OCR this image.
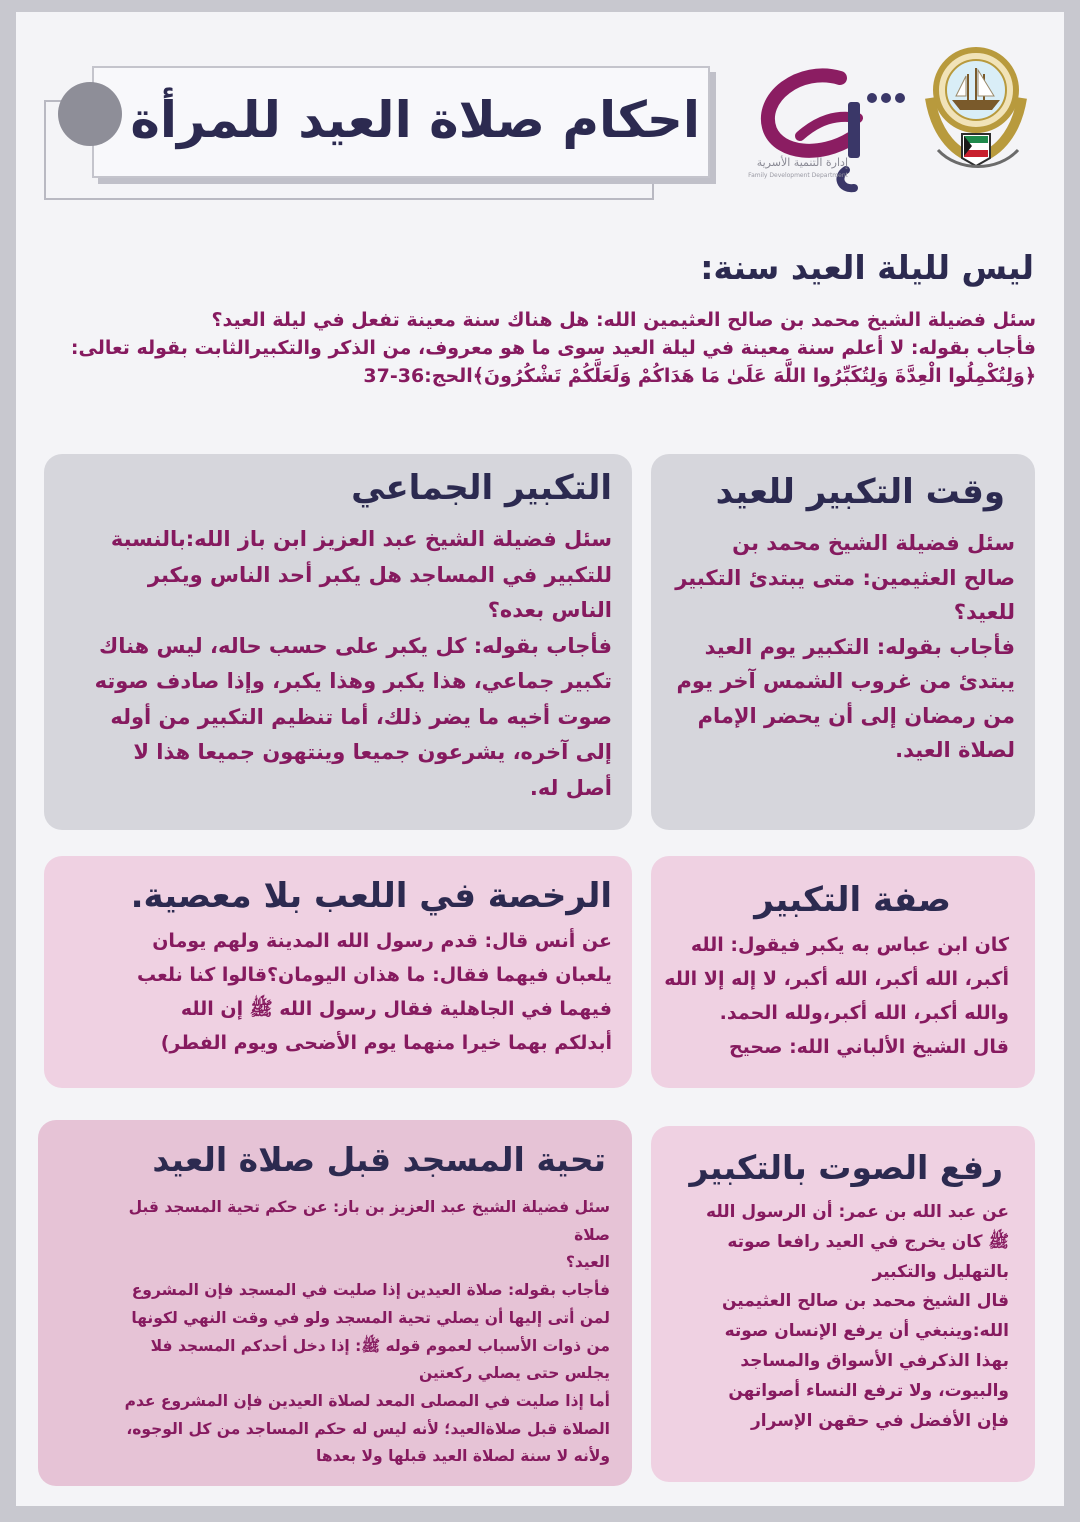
احكام صلاة العيد للمرأة
إدارة التنمية الأسرية
Family Development Department
ليس لليلة العيد سنة:

سئل فضيلة الشيخ محمد بن صالح العثيمين الله: هل هناك سنة معينة تفعل في ليلة العيد؟

فأجاب بقوله: لا أعلم سنة معينة في ليلة العيد سوى ما هو معروف، من الذكر والتكبيرالثابت بقوله تعالى:

﴿وَلِتُكْمِلُوا الْعِدَّةَ وَلِتُكَبِّرُوا اللَّهَ عَلَىٰ مَا هَدَاكُمْ وَلَعَلَّكُمْ تَشْكُرُونَ﴾الحج:36-37

وقت التكبير للعيد

سئل فضيلة الشيخ محمد بن

صالح العثيمين: متى يبتدئ التكبير

للعيد؟

فأجاب بقوله: التكبير يوم العيد

يبتدئ من غروب الشمس آخر يوم

من رمضان إلى أن يحضر الإمام

لصلاة العيد.

التكبير الجماعي

سئل فضيلة الشيخ عبد العزيز ابن باز الله:بالنسبة

للتكبير في المساجد هل يكبر أحد الناس ويكبر

الناس بعده؟

فأجاب بقوله: كل يكبر على حسب حاله، ليس هناك

تكبير جماعي، هذا يكبر وهذا يكبر، وإذا صادف صوته

صوت أخيه ما يضر ذلك، أما تنظيم التكبير من أوله

إلى آخره، يشرعون جميعا وينتهون جميعا هذا لا

أصل له.

صفة التكبير

كان ابن عباس به يكبر فيقول: الله

أكبر، الله أكبر، الله أكبر، لا إله إلا الله

والله أكبر، الله أكبر،ولله الحمد.

قال الشيخ الألباني الله: صحيح

الرخصة في اللعب بلا معصية.

عن أنس قال: قدم رسول الله المدينة ولهم يومان

يلعبان فيهما فقال: ما هذان اليومان؟قالوا كنا نلعب

فيهما في الجاهلية فقال رسول الله ﷺ إن الله

أبدلكم بهما خيرا منهما يوم الأضحى ويوم الفطر)

رفع الصوت بالتكبير

عن عبد الله بن عمر: أن الرسول الله

ﷺ كان يخرج في العيد رافعا صوته

بالتهليل والتكبير

قال الشيخ محمد بن صالح العثيمين

الله:وينبغي أن يرفع الإنسان صوته

بهذا الذكرفي الأسواق والمساجد

والبيوت، ولا ترفع النساء أصواتهن

فإن الأفضل في حقهن الإسرار

تحية المسجد قبل صلاة العيد

سئل فضيلة الشيخ عبد العزيز بن باز: عن حكم تحية المسجد قبل

صلاة

العيد؟

فأجاب بقوله: صلاة العيدين إذا صليت في المسجد فإن المشروع

لمن أتى إليها أن يصلي تحية المسجد ولو في وقت النهي لكونها

من ذوات الأسباب لعموم قوله ﷺ: إذا دخل أحدكم المسجد فلا

يجلس حتى يصلي ركعتين

أما إذا صليت في المصلى المعد لصلاة العيدين فإن المشروع عدم

الصلاة قبل صلاةالعيد؛ لأنه ليس له حكم المساجد من كل الوجوه،

ولأنه لا سنة لصلاة العيد قبلها ولا بعدها
